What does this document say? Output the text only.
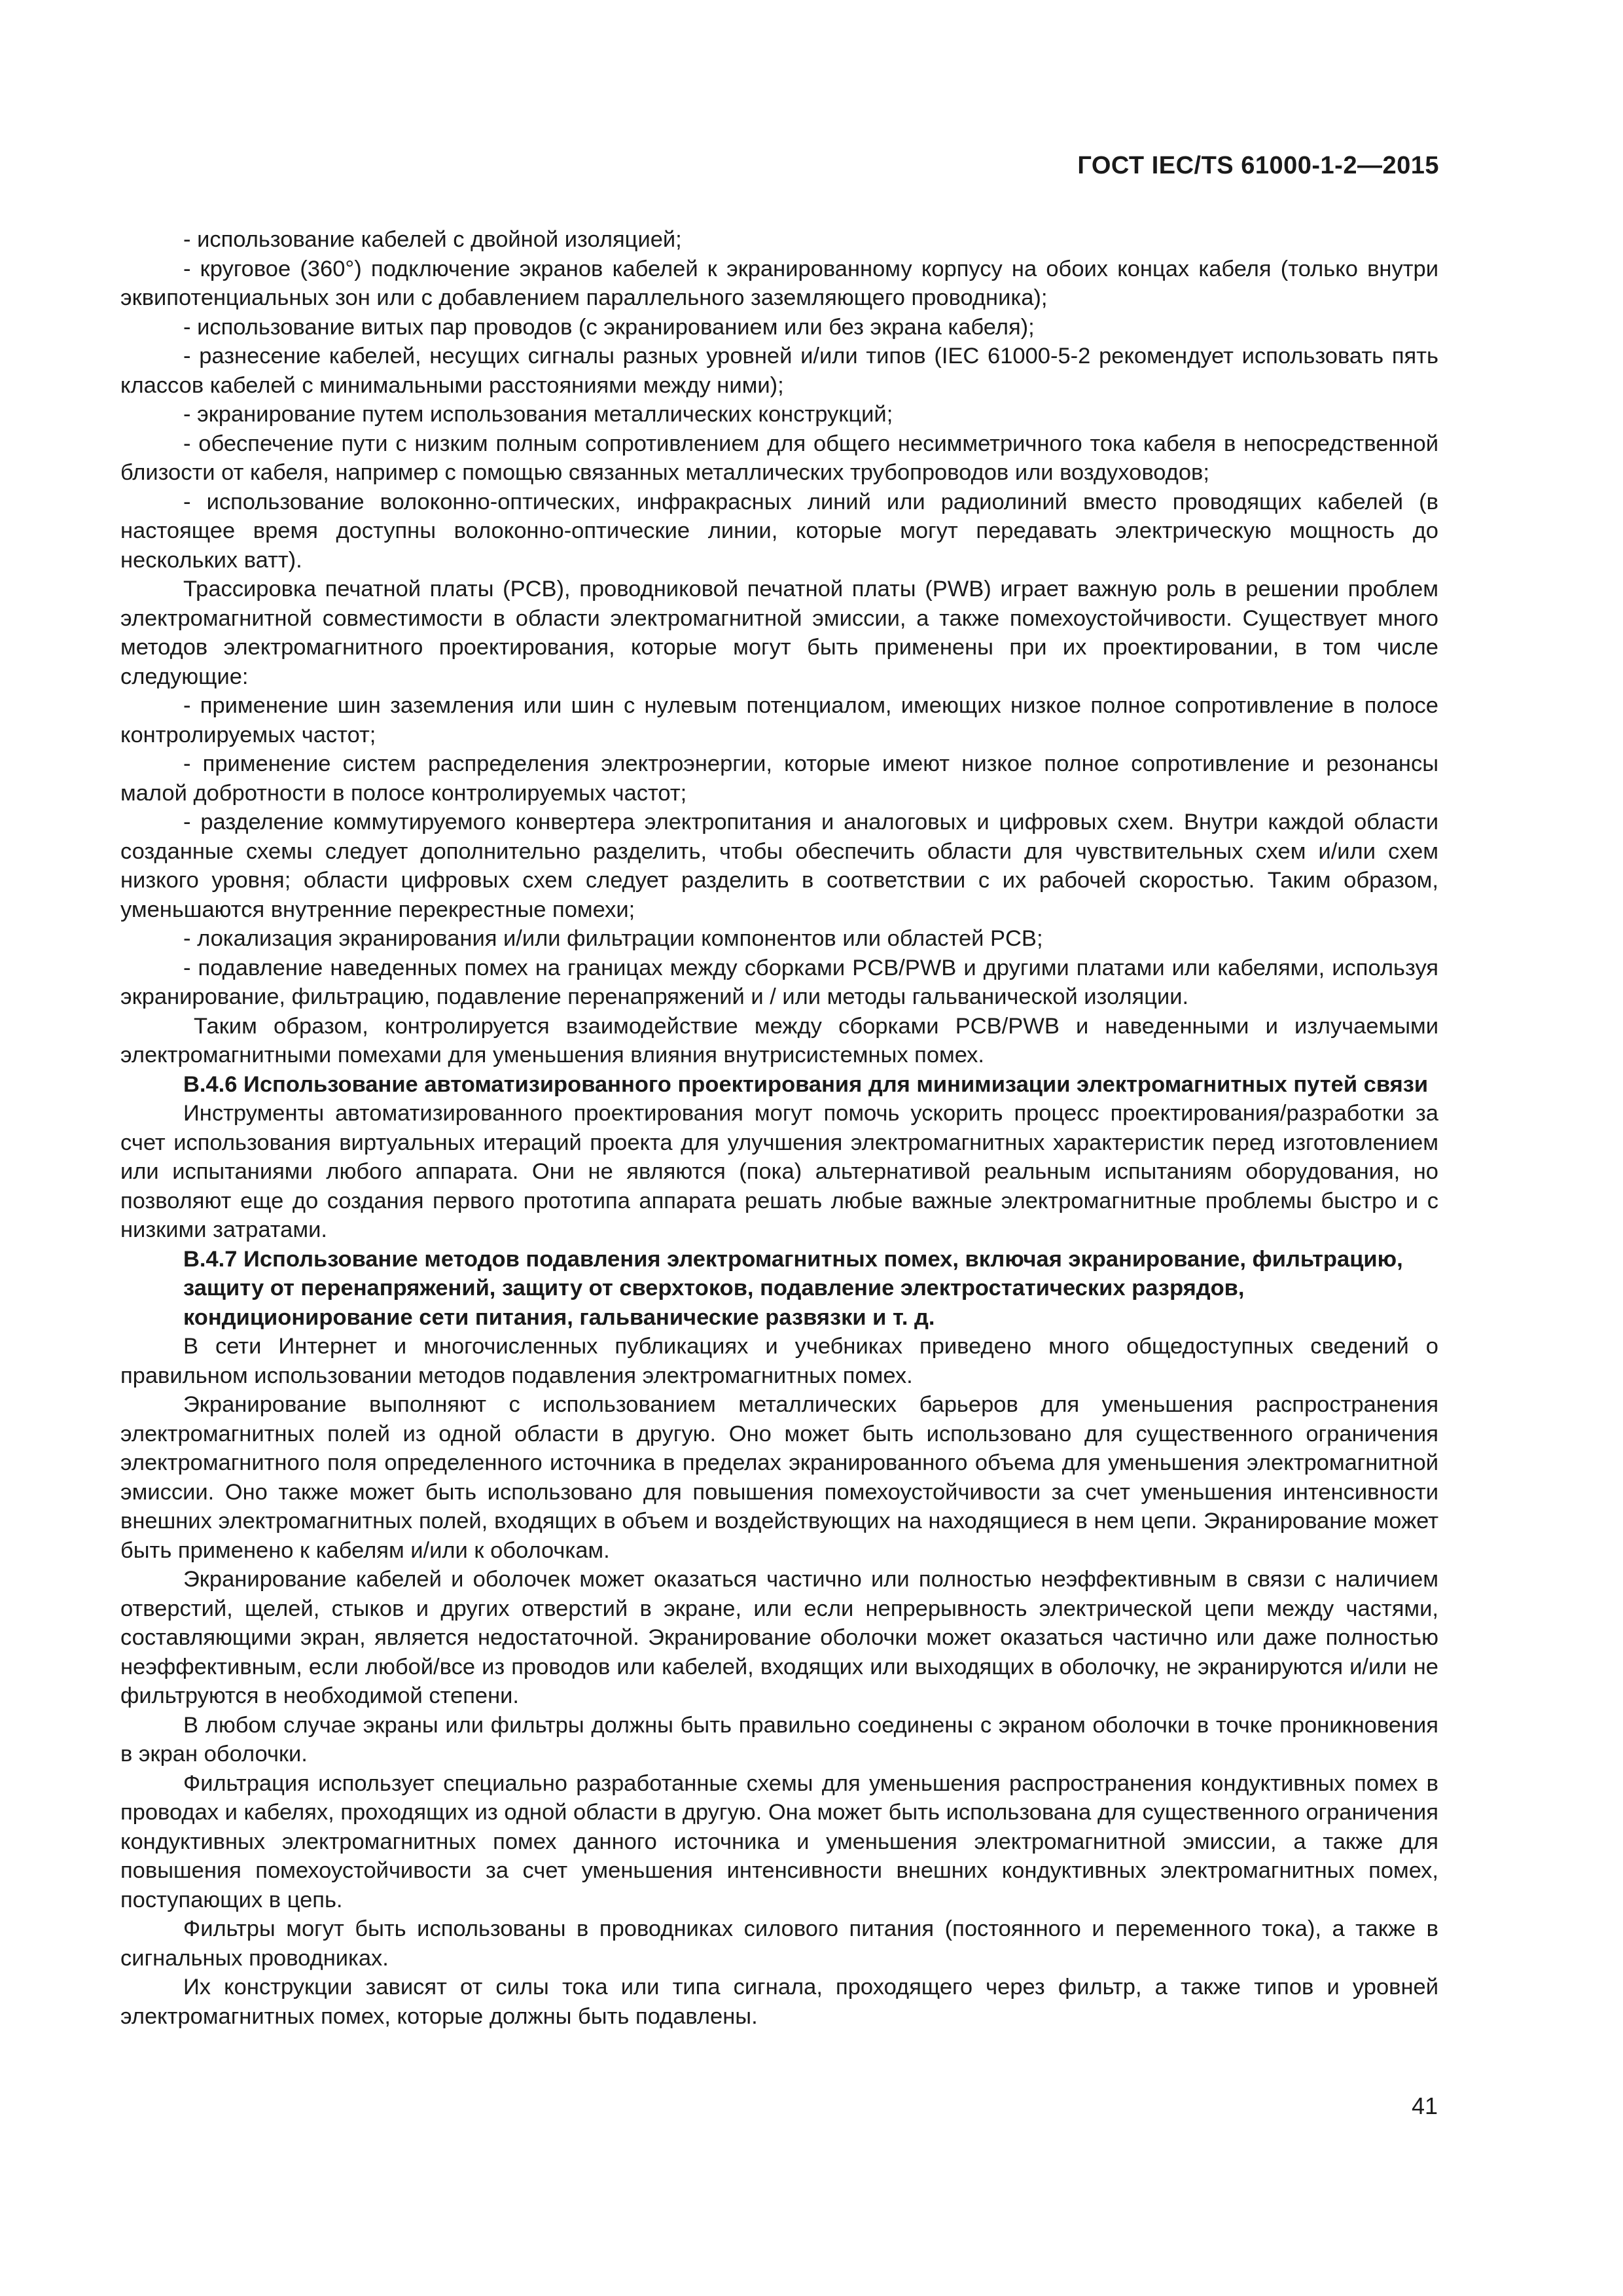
ГОСТ IEC/TS 61000-1-2—2015

- использование кабелей с двойной изоляцией;

- круговое (360°) подключение экранов кабелей к экранированному корпусу на обоих концах кабеля (только внутри эквипотенциальных зон или с добавлением параллельного заземляющего проводника);

- использование витых пар проводов (с экранированием или без экрана кабеля);

- разнесение кабелей, несущих сигналы разных уровней и/или типов (IEC 61000-5-2 рекомендует использовать пять классов кабелей с минимальными расстояниями между ними);

- экранирование путем использования металлических конструкций;

- обеспечение пути с низким полным сопротивлением для общего несимметричного тока кабеля в непосредственной близости от кабеля, например с помощью связанных металлических трубопроводов или воздуховодов;

- использование волоконно-оптических, инфракрасных линий или радиолиний вместо проводящих кабелей (в настоящее время доступны волоконно-оптические линии, которые могут передавать электрическую мощность до нескольких ватт).

Трассировка печатной платы (PCB), проводниковой печатной платы (PWB) играет важную роль в решении проблем электромагнитной совместимости в области электромагнитной эмиссии, а также помехоустойчивости. Существует много методов электромагнитного проектирования, которые могут быть применены при их проектировании, в том числе следующие:

- применение шин заземления или шин с нулевым потенциалом, имеющих низкое полное сопротивление в полосе контролируемых частот;

- применение систем распределения электроэнергии, которые имеют низкое полное сопротивление и резонансы малой добротности в полосе контролируемых частот;

- разделение коммутируемого конвертера электропитания и аналоговых и цифровых схем. Внутри каждой области созданные схемы следует дополнительно разделить, чтобы обеспечить области для чувствительных схем и/или схем низкого уровня; области цифровых схем следует разделить в соответствии с их рабочей скоростью. Таким образом, уменьшаются внутренние перекрестные помехи;

- локализация экранирования и/или фильтрации компонентов или областей PCB;

- подавление наведенных помех на границах между сборками PCB/PWB и другими платами или кабелями, используя экранирование, фильтрацию, подавление перенапряжений и / или методы гальванической изоляции.

Таким образом, контролируется взаимодействие между сборками PCB/PWB и наведенными и излучаемыми электромагнитными помехами для уменьшения влияния внутрисистемных помех.

B.4.6 Использование автоматизированного проектирования для минимизации электромагнитных путей связи

Инструменты автоматизированного проектирования могут помочь ускорить процесс проектирования/разработки за счет использования виртуальных итераций проекта для улучшения электромагнитных характеристик перед изготовлением или испытаниями любого аппарата. Они не являются (пока) альтернативой реальным испытаниям оборудования, но позволяют еще до создания первого прототипа аппарата решать любые важные электромагнитные проблемы быстро и с низкими затратами.

B.4.7 Использование методов подавления электромагнитных помех, включая экранирование, фильтрацию, защиту от перенапряжений, защиту от сверхтоков, подавление электростатических разрядов, кондиционирование сети питания, гальванические развязки и т. д.

В сети Интернет и многочисленных публикациях и учебниках приведено много общедоступных сведений о правильном использовании методов подавления электромагнитных помех.

Экранирование выполняют с использованием металлических барьеров для уменьшения распространения электромагнитных полей из одной области в другую. Оно может быть использовано для существенного ограничения электромагнитного поля определенного источника в пределах экранированного объема для уменьшения электромагнитной эмиссии. Оно также может быть использовано для повышения помехоустойчивости за счет уменьшения интенсивности внешних электромагнитных полей, входящих в объем и воздействующих на находящиеся в нем цепи. Экранирование может быть применено к кабелям и/или к оболочкам.

Экранирование кабелей и оболочек может оказаться частично или полностью неэффективным в связи с наличием отверстий, щелей, стыков и других отверстий в экране, или если непрерывность электрической цепи между частями, составляющими экран, является недостаточной. Экранирование оболочки может оказаться частично или даже полностью неэффективным, если любой/все из проводов или кабелей, входящих или выходящих в оболочку, не экранируются и/или не фильтруются в необходимой степени.

В любом случае экраны или фильтры должны быть правильно соединены с экраном оболочки в точке проникновения в экран оболочки.

Фильтрация использует специально разработанные схемы для уменьшения распространения кондуктивных помех в проводах и кабелях, проходящих из одной области в другую. Она может быть использована для существенного ограничения кондуктивных электромагнитных помех данного источника и уменьшения электромагнитной эмиссии, а также для повышения помехоустойчивости за счет уменьшения интенсивности внешних кондуктивных электромагнитных помех, поступающих в цепь.

Фильтры могут быть использованы в проводниках силового питания (постоянного и переменного тока), а также в сигнальных проводниках.

Их конструкции зависят от силы тока или типа сигнала, проходящего через фильтр, а также типов и уровней электромагнитных помех, которые должны быть подавлены.

41
